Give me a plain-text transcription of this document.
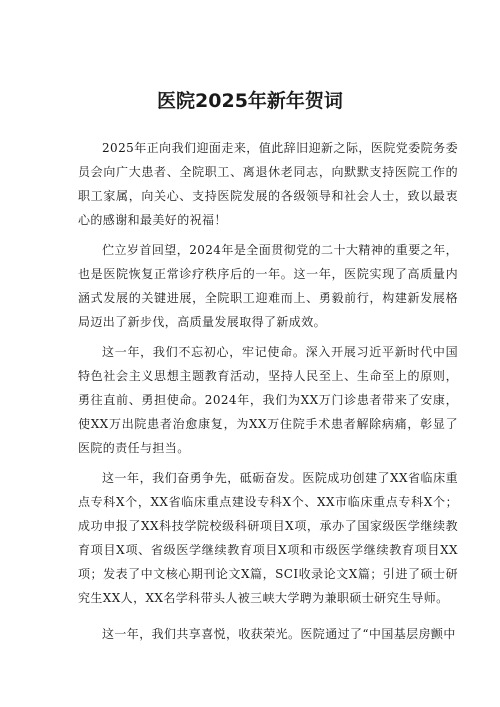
医院2025年新年贺词

2025年正向我们迎面走来，值此辞旧迎新之际，医院党委院务委员会向广大患者、全院职工、离退休老同志，向默默支持医院工作的职工家属，向关心、支持医院发展的各级领导和社会人士，致以最衷心的感谢和最美好的祝福！

伫立岁首回望，2024年是全面贯彻党的二十大精神的重要之年，也是医院恢复正常诊疗秩序后的一年。这一年，医院实现了高质量内涵式发展的关键进展，全院职工迎难而上、勇毅前行，构建新发展格局迈出了新步伐，高质量发展取得了新成效。

这一年，我们不忘初心，牢记使命。深入开展习近平新时代中国特色社会主义思想主题教育活动，坚持人民至上、生命至上的原则，勇往直前、勇担使命。2024年，我们为XX万门诊患者带来了安康，使XX万出院患者治愈康复，为XX万住院手术患者解除病痛，彰显了医院的责任与担当。

这一年，我们奋勇争先，砥砺奋发。医院成功创建了XX省临床重点专科X个，XX省临床重点建设专科X个、XX市临床重点专科X个；成功申报了XX科技学院校级科研项目X项，承办了国家级医学继续教育项目X项、省级医学继续教育项目X项和市级医学继续教育项目XX项；发表了中文核心期刊论文X篇，SCI收录论文X篇；引进了硕士研究生XX人，XX名学科带头人被三峡大学聘为兼职硕士研究生导师。

这一年，我们共享喜悦，收获荣光。医院通过了“中国基层房颤中
